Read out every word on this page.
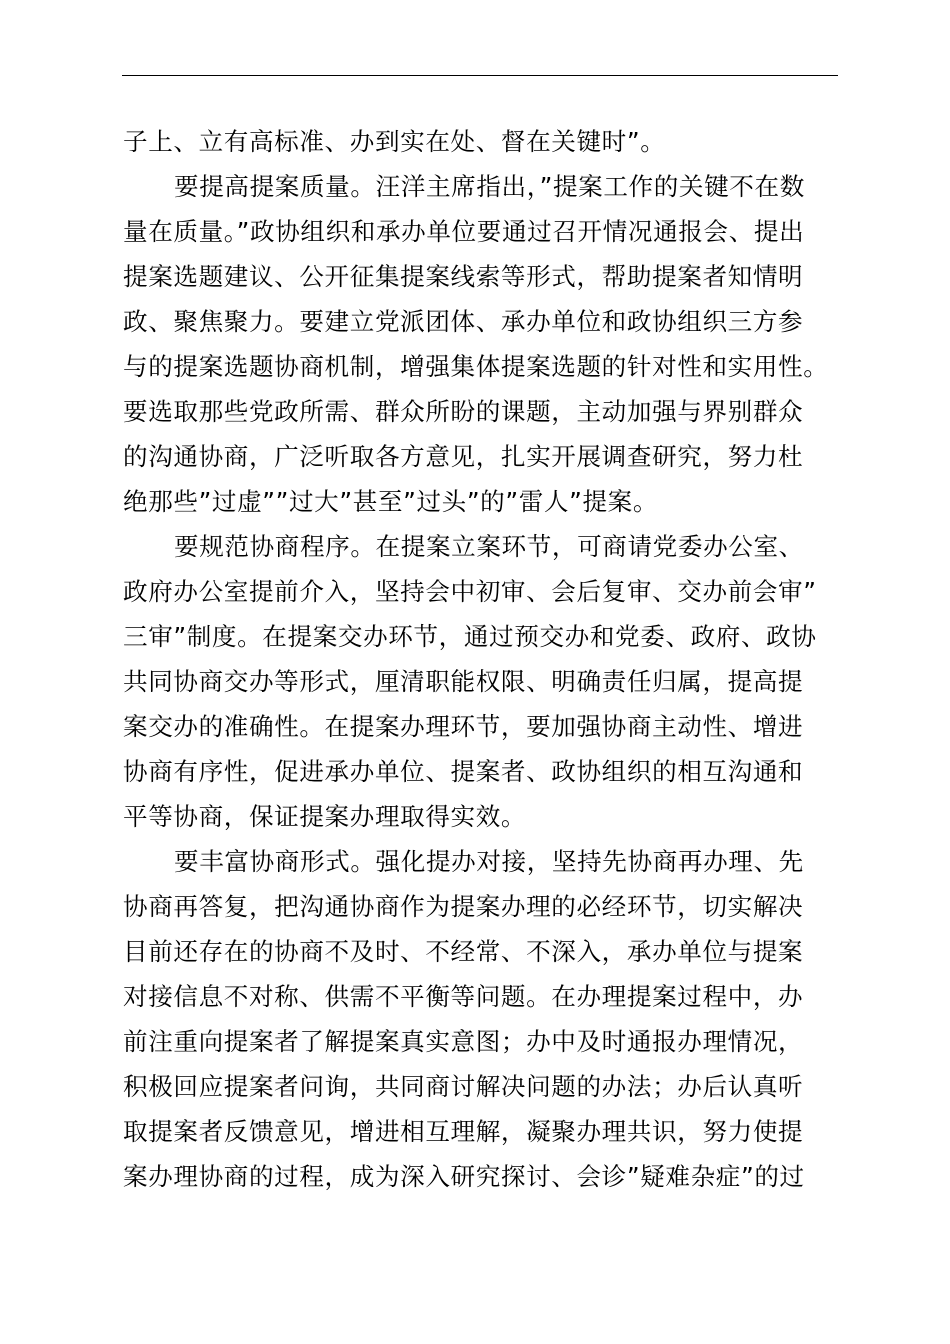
子上、立有高标准、办到实在处、督在关键时”。
要提高提案质量。汪洋主席指出，”提案工作的关键不在数
量在质量。”政协组织和承办单位要通过召开情况通报会、提出
提案选题建议、公开征集提案线索等形式，帮助提案者知情明
政、聚焦聚力。要建立党派团体、承办单位和政协组织三方参
与的提案选题协商机制，增强集体提案选题的针对性和实用性。
要选取那些党政所需、群众所盼的课题，主动加强与界别群众
的沟通协商，广泛听取各方意见，扎实开展调查研究，努力杜
绝那些”过虚””过大”甚至”过头”的”雷人”提案。
要规范协商程序。在提案立案环节，可商请党委办公室、
政府办公室提前介入，坚持会中初审、会后复审、交办前会审”
三审”制度。在提案交办环节，通过预交办和党委、政府、政协
共同协商交办等形式，厘清职能权限、明确责任归属，提高提
案交办的准确性。在提案办理环节，要加强协商主动性、增进
协商有序性，促进承办单位、提案者、政协组织的相互沟通和
平等协商，保证提案办理取得实效。
要丰富协商形式。强化提办对接，坚持先协商再办理、先
协商再答复，把沟通协商作为提案办理的必经环节，切实解决
目前还存在的协商不及时、不经常、不深入，承办单位与提案
对接信息不对称、供需不平衡等问题。在办理提案过程中，办
前注重向提案者了解提案真实意图；办中及时通报办理情况，
积极回应提案者问询，共同商讨解决问题的办法；办后认真听
取提案者反馈意见，增进相互理解，凝聚办理共识，努力使提
案办理协商的过程，成为深入研究探讨、会诊”疑难杂症”的过
